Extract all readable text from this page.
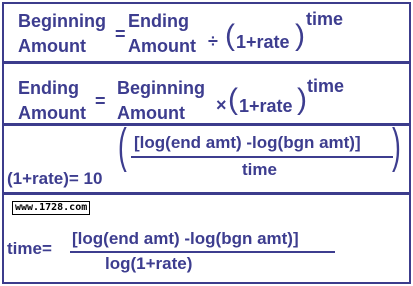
Beginning
Amount
=
Ending
Amount ÷ ( 1+rate ) time
Ending
Amount
=
Beginning
Amount × ( 1+rate ) time
(1+rate)= 10
( [log(end amt) -log(bgn amt)]
time )
www.1728.com
time=
[log(end amt) -log(bgn amt)]
log(1+rate)
